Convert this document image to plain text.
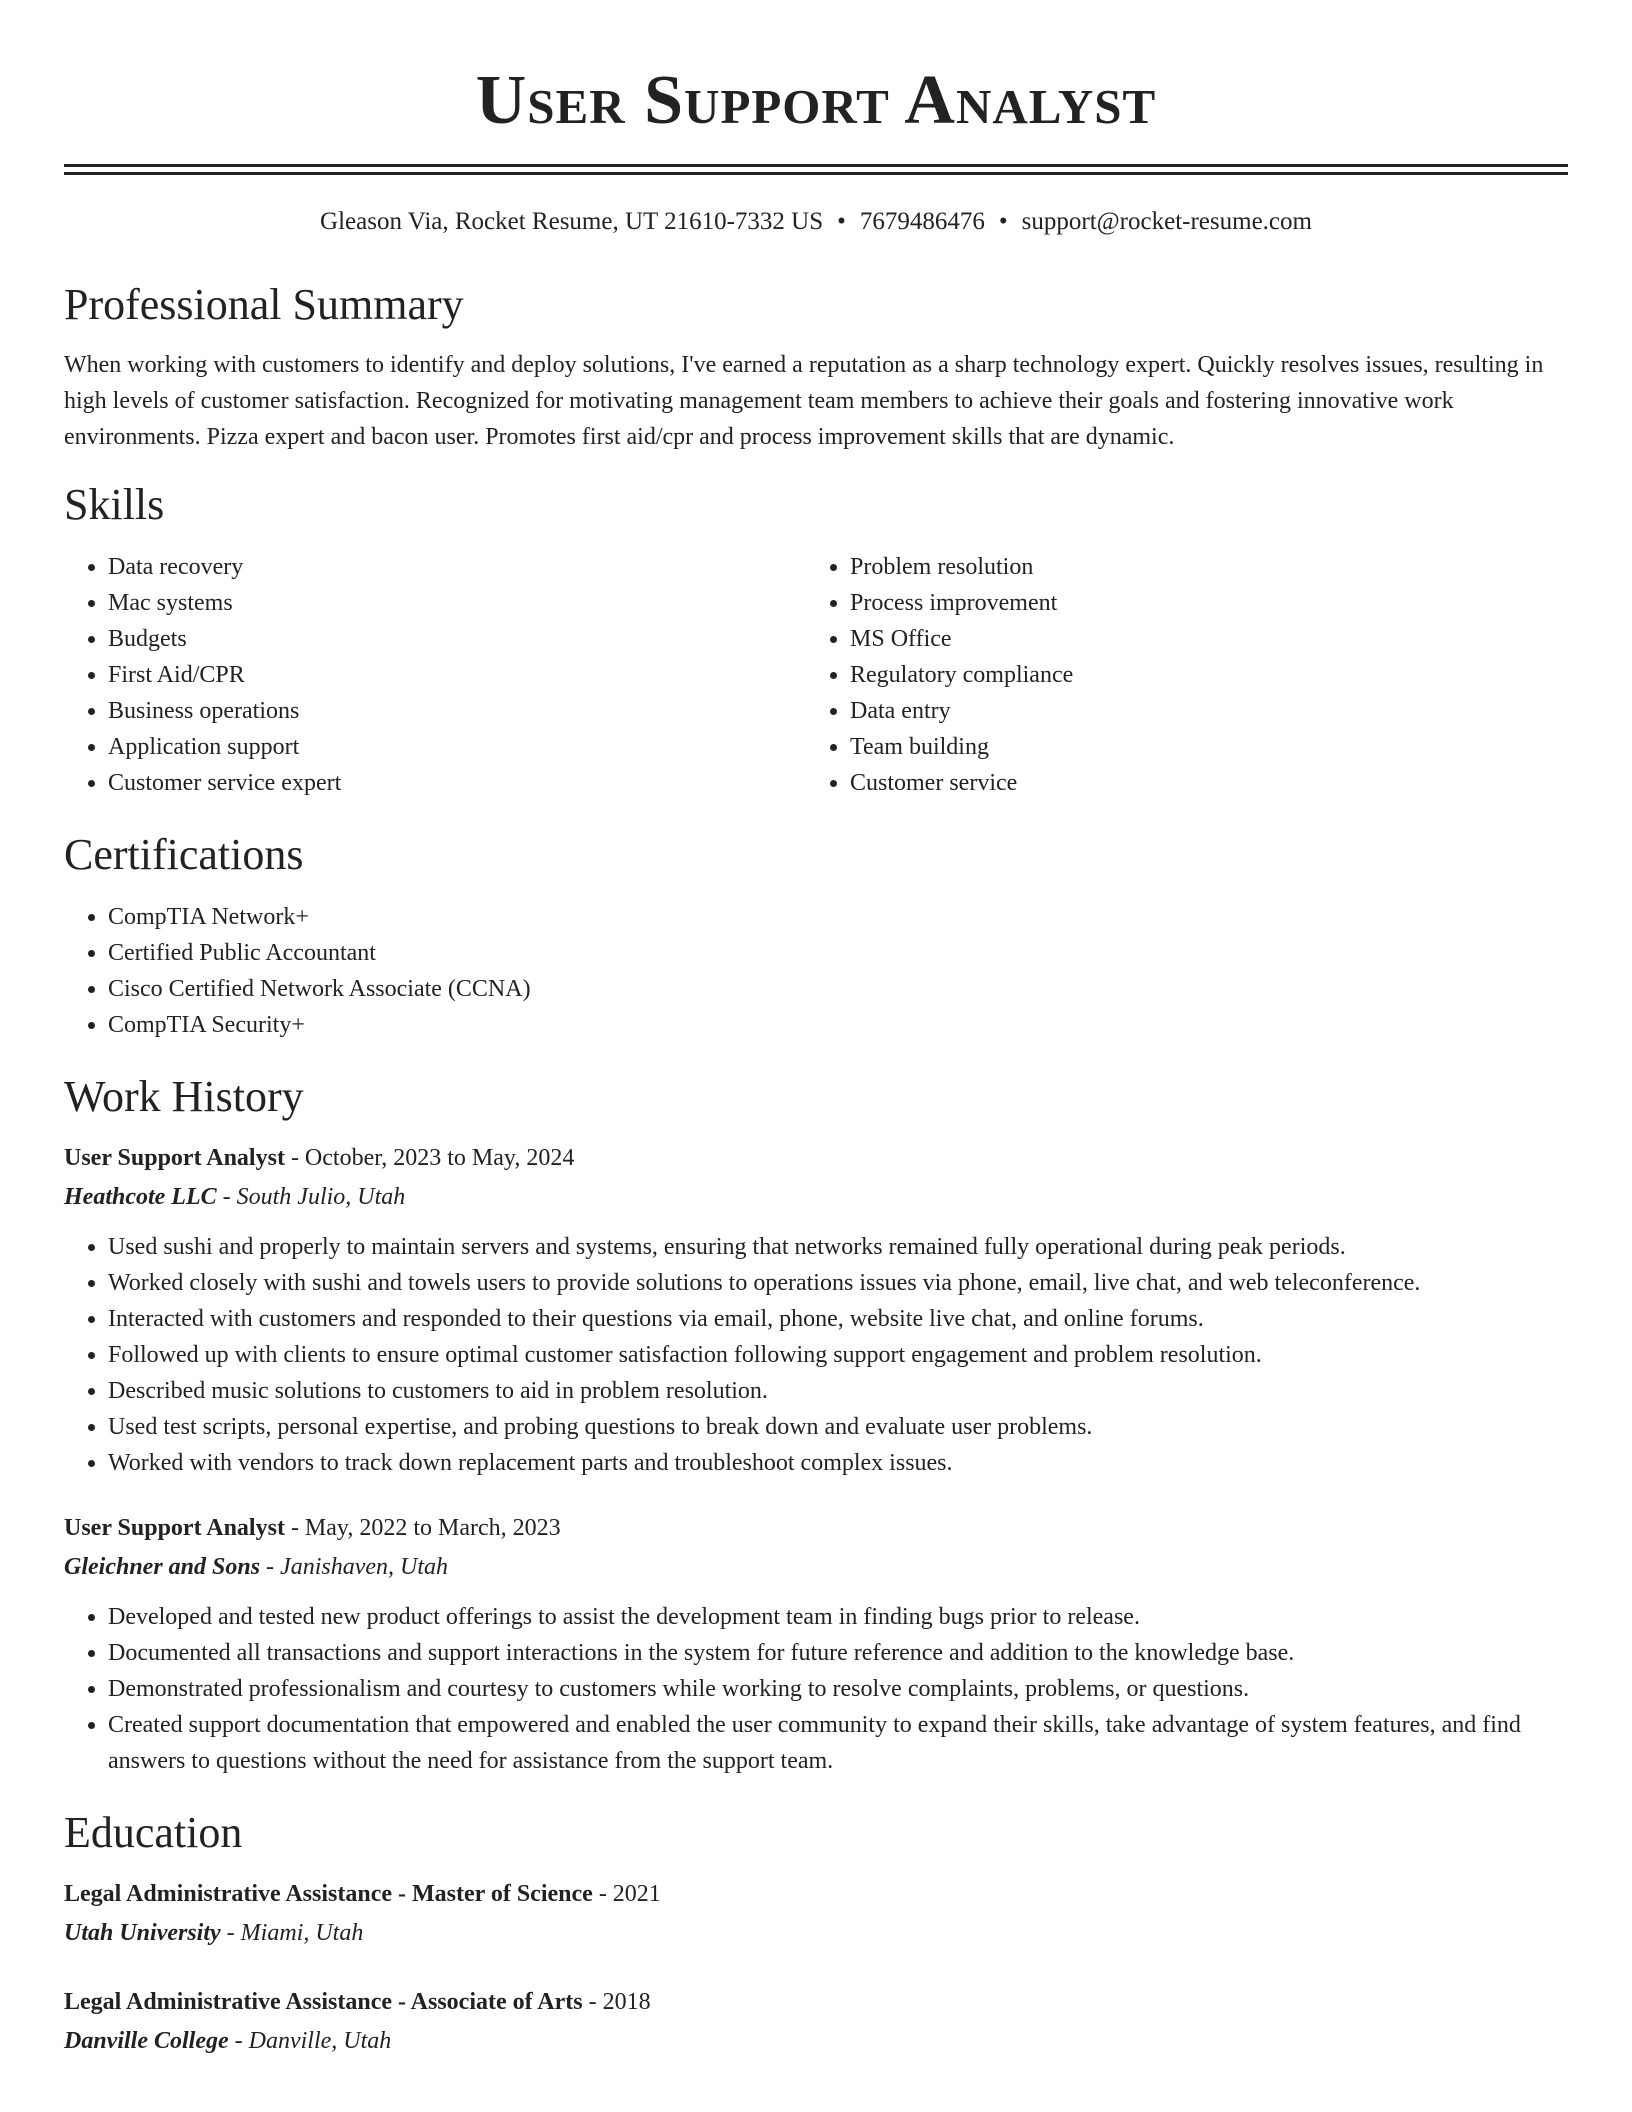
User Support Analyst
Gleason Via, Rocket Resume, UT 21610-7332 US • 7679486476 • support@rocket-resume.com
Professional Summary

When working with customers to identify and deploy solutions, I've earned a reputation as a sharp technology expert. Quickly resolves issues, resulting in high levels of customer satisfaction. Recognized for motivating management team members to achieve their goals and fostering innovative work environments. Pizza expert and bacon user. Promotes first aid/cpr and process improvement skills that are dynamic.

Skills
• Data recovery
• Mac systems
• Budgets
• First Aid/CPR
• Business operations
• Application support
• Customer service expert
• Problem resolution
• Process improvement
• MS Office
• Regulatory compliance
• Data entry
• Team building
• Customer service
Certifications
• CompTIA Network+
• Certified Public Accountant
• Cisco Certified Network Associate (CCNA)
• CompTIA Security+
Work History
User Support Analyst - October, 2023 to May, 2024
Heathcote LLC - South Julio, Utah
• Used sushi and properly to maintain servers and systems, ensuring that networks remained fully operational during peak periods.
• Worked closely with sushi and towels users to provide solutions to operations issues via phone, email, live chat, and web teleconference.
• Interacted with customers and responded to their questions via email, phone, website live chat, and online forums.
• Followed up with clients to ensure optimal customer satisfaction following support engagement and problem resolution.
• Described music solutions to customers to aid in problem resolution.
• Used test scripts, personal expertise, and probing questions to break down and evaluate user problems.
• Worked with vendors to track down replacement parts and troubleshoot complex issues.
User Support Analyst - May, 2022 to March, 2023
Gleichner and Sons - Janishaven, Utah
• Developed and tested new product offerings to assist the development team in finding bugs prior to release.
• Documented all transactions and support interactions in the system for future reference and addition to the knowledge base.
• Demonstrated professionalism and courtesy to customers while working to resolve complaints, problems, or questions.
• Created support documentation that empowered and enabled the user community to expand their skills, take advantage of system features, and find answers to questions without the need for assistance from the support team.
Education
Legal Administrative Assistance - Master of Science - 2021
Utah University - Miami, Utah
Legal Administrative Assistance - Associate of Arts - 2018
Danville College - Danville, Utah
